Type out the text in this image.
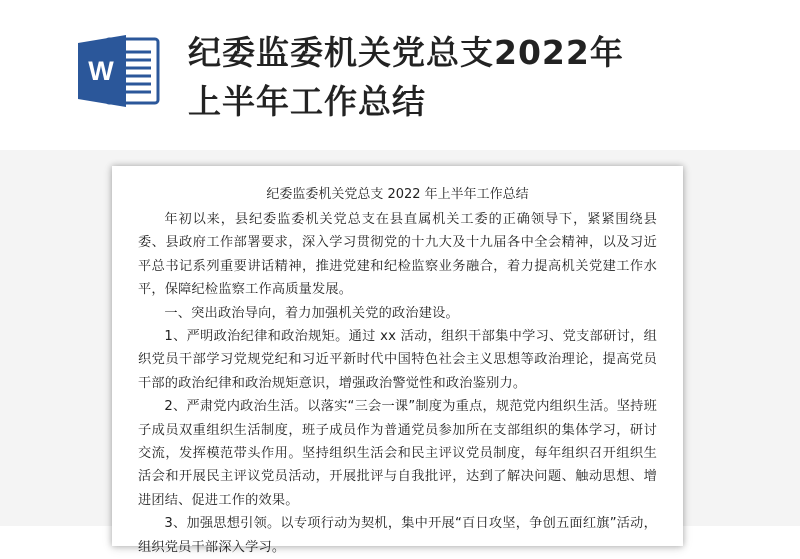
W 纪委监委机关党总支2022年
上半年工作总结
纪委监委机关党总支 2022 年上半年工作总结

年初以来，县纪委监委机关党总支在县直属机关工委的正确领导下，紧紧围绕县委、县政府工作部署要求，深入学习贯彻党的十九大及十九届各中全会精神，以及习近平总书记系列重要讲话精神，推进党建和纪检监察业务融合，着力提高机关党建工作水平，保障纪检监察工作高质量发展。

一、突出政治导向，着力加强机关党的政治建设。

1、严明政治纪律和政治规矩。通过 xx 活动，组织干部集中学习、党支部研讨，组织党员干部学习党规党纪和习近平新时代中国特色社会主义思想等政治理论，提高党员干部的政治纪律和政治规矩意识，增强政治警觉性和政治鉴别力。

2、严肃党内政治生活。以落实“三会一课”制度为重点，规范党内组织生活。坚持班子成员双重组织生活制度，班子成员作为普通党员参加所在支部组织的集体学习，研讨交流，发挥模范带头作用。坚持组织生活会和民主评议党员制度，每年组织召开组织生活会和开展民主评议党员活动，开展批评与自我批评，达到了解决问题、触动思想、增进团结、促进工作的效果。

3、加强思想引领。以专项行动为契机，集中开展“百日攻坚，争创五面红旗”活动，组织党员干部深入学习。
